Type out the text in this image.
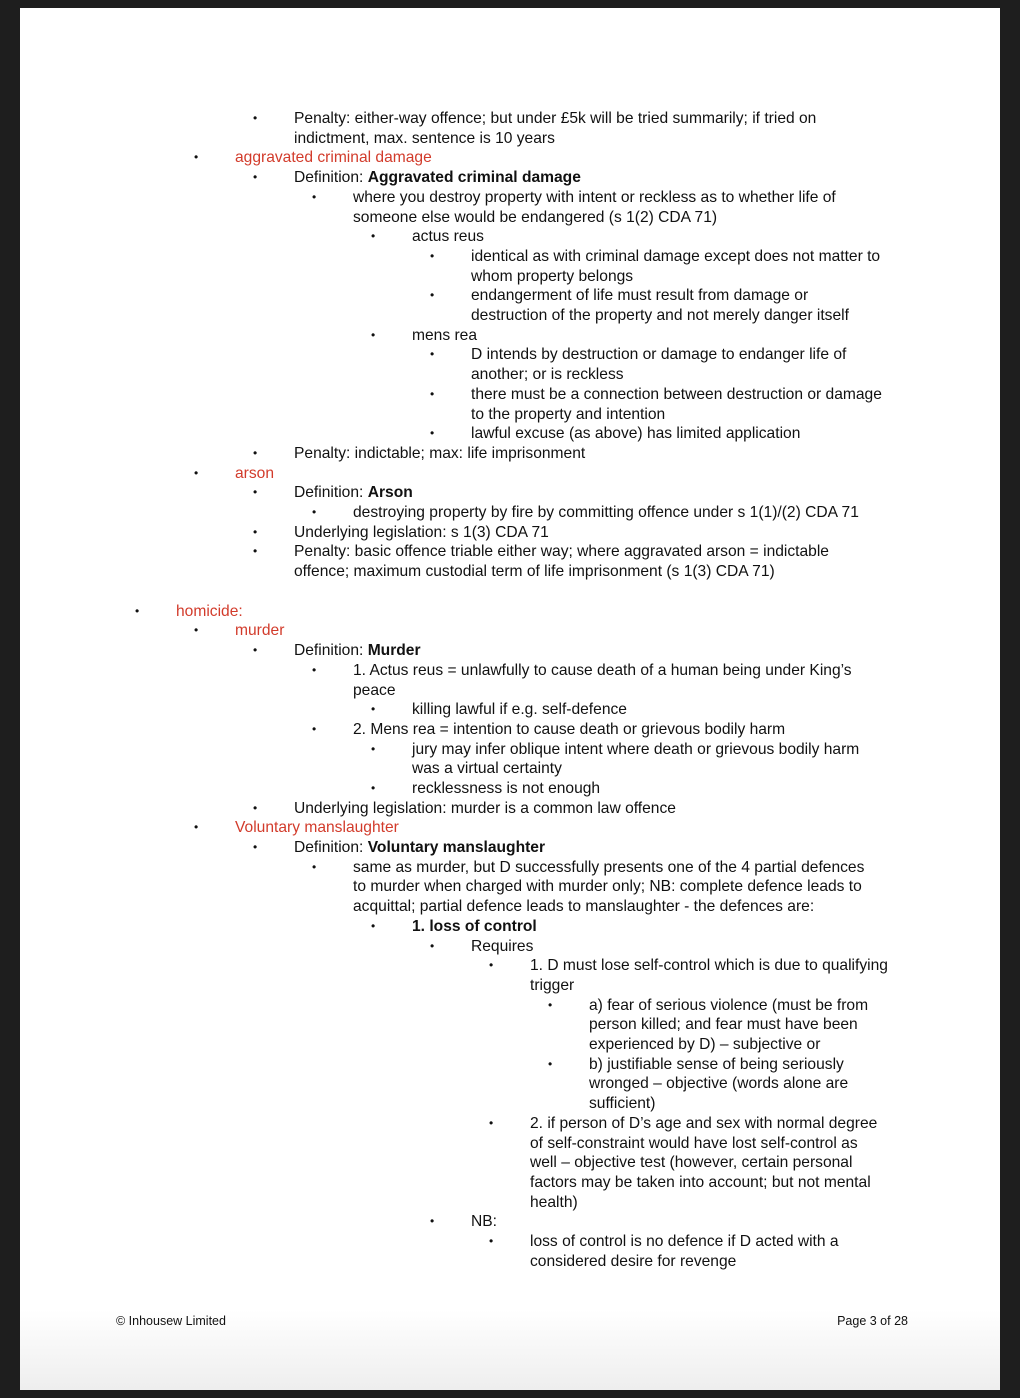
• Penalty: either-way offence; but under £5k will be tried summarily; if tried on
indictment, max. sentence is 10 years
• aggravated criminal damage
• Definition: Aggravated criminal damage
• where you destroy property with intent or reckless as to whether life of
someone else would be endangered (s 1(2) CDA 71)
• actus reus
• identical as with criminal damage except does not matter to
whom property belongs
• endangerment of life must result from damage or
destruction of the property and not merely danger itself
• mens rea
• D intends by destruction or damage to endanger life of
another; or is reckless
• there must be a connection between destruction or damage
to the property and intention
• lawful excuse (as above) has limited application
• Penalty: indictable; max: life imprisonment
• arson
• Definition: Arson
• destroying property by fire by committing offence under s 1(1)/(2) CDA 71
• Underlying legislation: s 1(3) CDA 71
• Penalty: basic offence triable either way; where aggravated arson = indictable
offence; maximum custodial term of life imprisonment (s 1(3) CDA 71)
• homicide:
• murder
• Definition: Murder
• 1. Actus reus = unlawfully to cause death of a human being under King’s
peace
• killing lawful if e.g. self-defence
• 2. Mens rea = intention to cause death or grievous bodily harm
• jury may infer oblique intent where death or grievous bodily harm
was a virtual certainty
• recklessness is not enough
• Underlying legislation: murder is a common law offence
• Voluntary manslaughter
• Definition: Voluntary manslaughter
• same as murder, but D successfully presents one of the 4 partial defences
to murder when charged with murder only; NB: complete defence leads to
acquittal; partial defence leads to manslaughter - the defences are:
• 1. loss of control
• Requires
• 1. D must lose self-control which is due to qualifying
trigger
• a) fear of serious violence (must be from
person killed; and fear must have been
experienced by D) – subjective or
• b) justifiable sense of being seriously
wronged – objective (words alone are
sufficient)
• 2. if person of D’s age and sex with normal degree
of self-constraint would have lost self-control as
well – objective test (however, certain personal
factors may be taken into account; but not mental
health)
• NB:
• loss of control is no defence if D acted with a
considered desire for revenge
© Inhousew Limited	Page 3 of 28
